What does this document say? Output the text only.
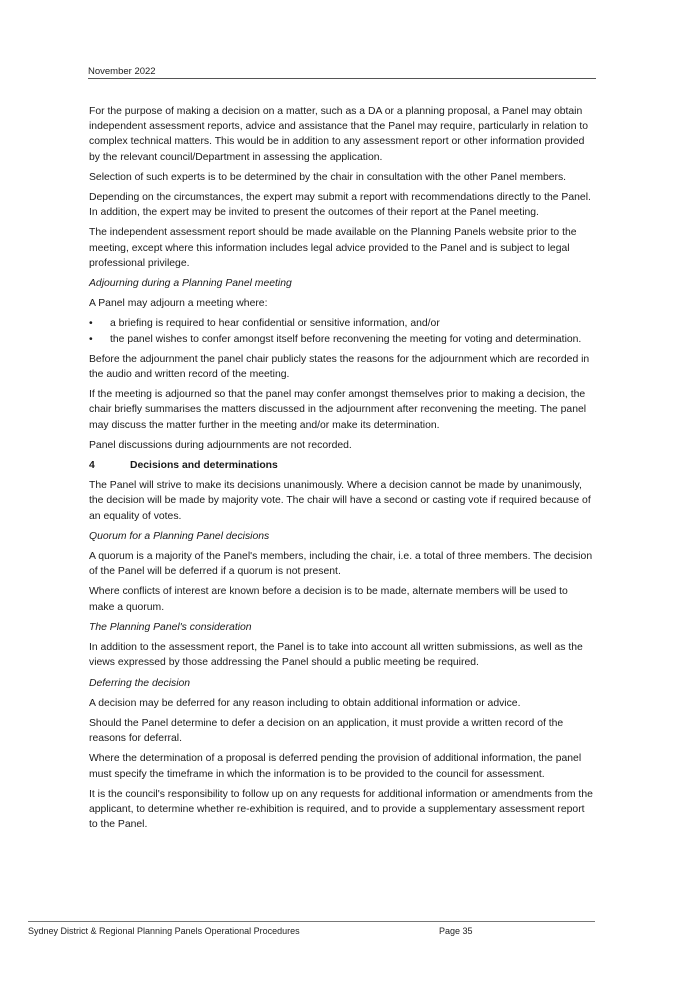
November 2022

For the purpose of making a decision on a matter, such as a DA or a planning proposal, a Panel may obtain independent assessment reports, advice and assistance that the Panel may require, particularly in relation to complex technical matters. This would be in addition to any assessment report or other information provided by the relevant council/Department in assessing the application.

Selection of such experts is to be determined by the chair in consultation with the other Panel members.

Depending on the circumstances, the expert may submit a report with recommendations directly to the Panel. In addition, the expert may be invited to present the outcomes of their report at the Panel meeting.

The independent assessment report should be made available on the Planning Panels website prior to the meeting, except where this information includes legal advice provided to the Panel and is subject to legal professional privilege.

Adjourning during a Planning Panel meeting

A Panel may adjourn a meeting where:

• a briefing is required to hear confidential or sensitive information, and/or
• the panel wishes to confer amongst itself before reconvening the meeting for voting and determination.

Before the adjournment the panel chair publicly states the reasons for the adjournment which are recorded in the audio and written record of the meeting.

If the meeting is adjourned so that the panel may confer amongst themselves prior to making a decision, the chair briefly summarises the matters discussed in the adjournment after reconvening the meeting. The panel may discuss the matter further in the meeting and/or make its determination.

Panel discussions during adjournments are not recorded.

4	Decisions and determinations

The Panel will strive to make its decisions unanimously. Where a decision cannot be made by unanimously, the decision will be made by majority vote. The chair will have a second or casting vote if required because of an equality of votes.

Quorum for a Planning Panel decisions

A quorum is a majority of the Panel's members, including the chair, i.e. a total of three members. The decision of the Panel will be deferred if a quorum is not present.

Where conflicts of interest are known before a decision is to be made, alternate members will be used to make a quorum.

The Planning Panel's consideration

In addition to the assessment report, the Panel is to take into account all written submissions, as well as the views expressed by those addressing the Panel should a public meeting be required.

Deferring the decision

A decision may be deferred for any reason including to obtain additional information or advice.

Should the Panel determine to defer a decision on an application, it must provide a written record of the reasons for deferral.

Where the determination of a proposal is deferred pending the provision of additional information, the panel must specify the timeframe in which the information is to be provided to the council for assessment.

It is the council's responsibility to follow up on any requests for additional information or amendments from the applicant, to determine whether re-exhibition is required, and to provide a supplementary assessment report to the Panel.

Sydney District & Regional Planning Panels Operational Procedures	Page 35
